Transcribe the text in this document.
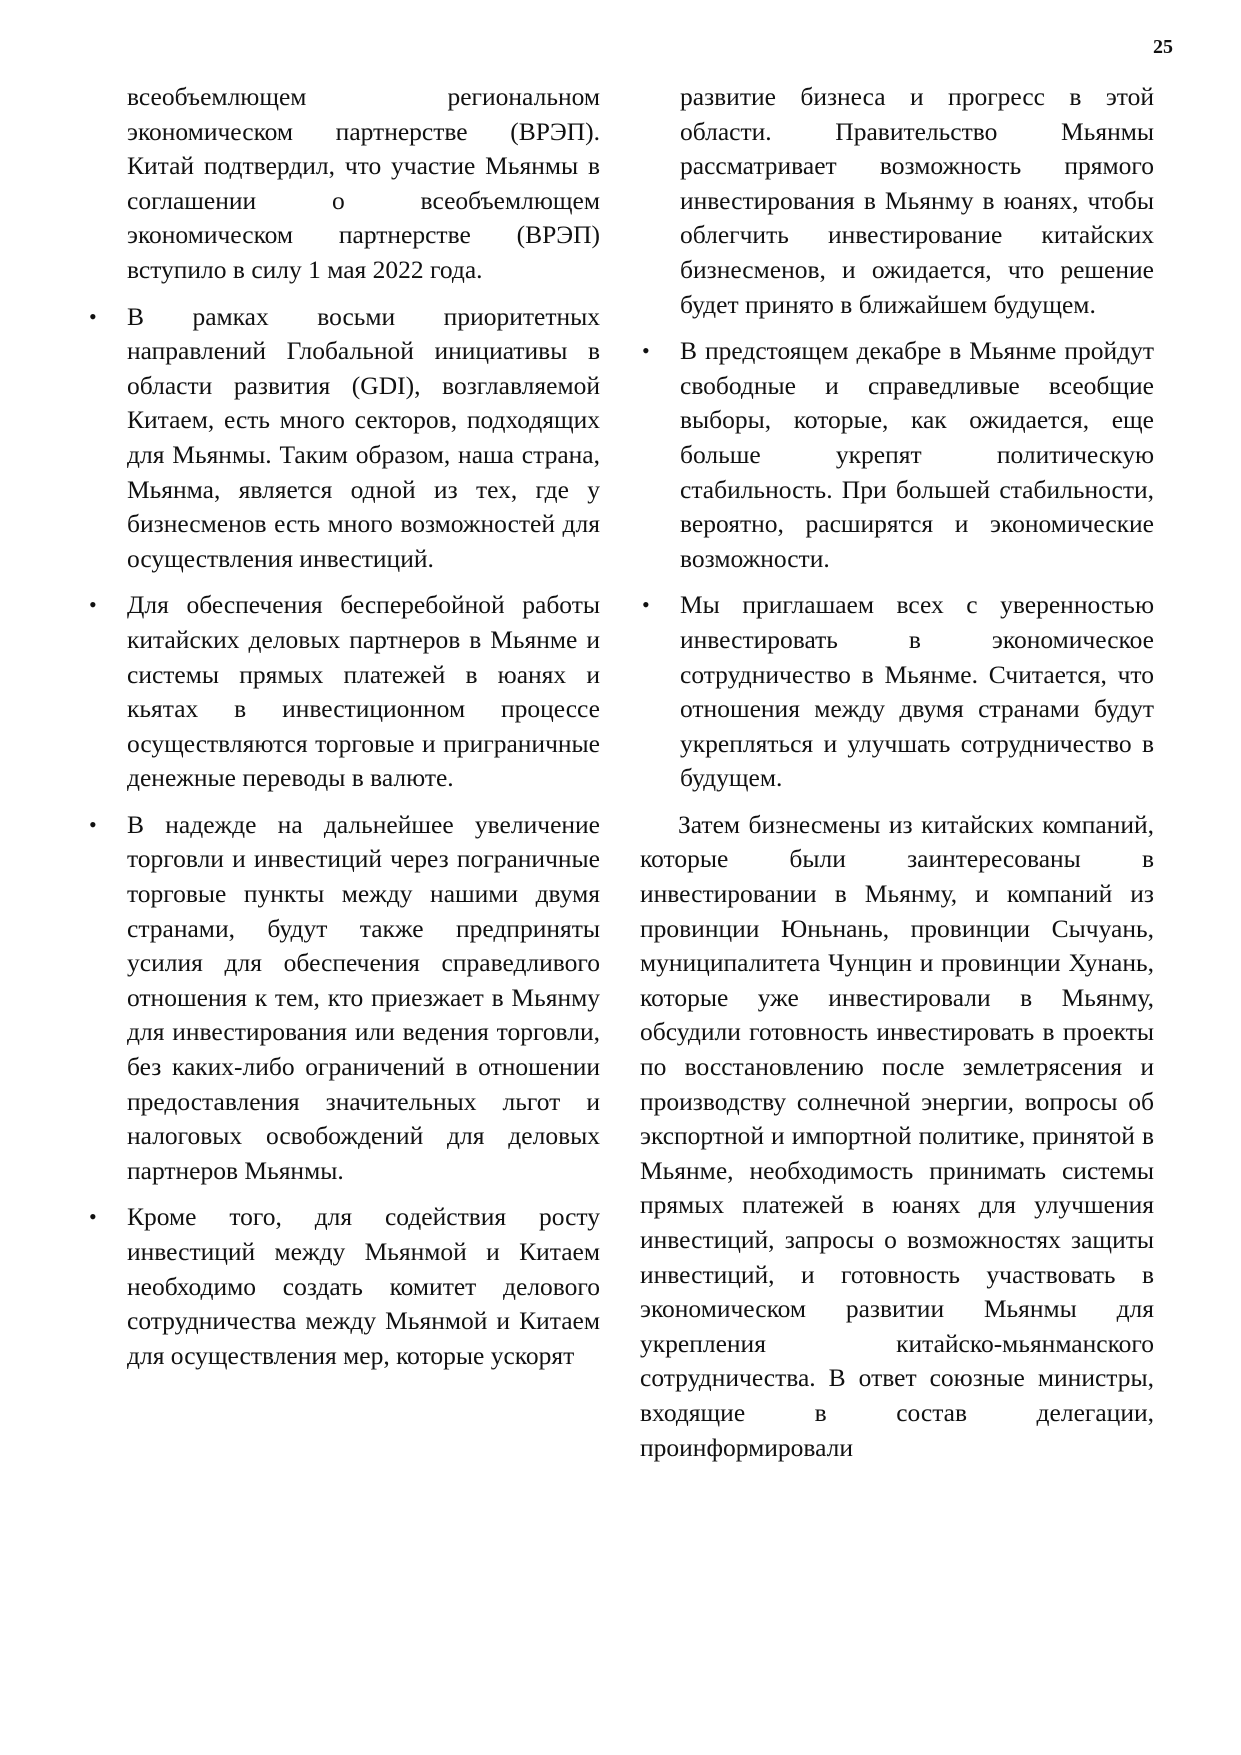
25

всеобъемлющем региональном экономическом партнерстве (ВРЭП). Китай подтвердил, что участие Мьянмы в соглашении о всеобъемлющем экономическом партнерстве (ВРЭП) вступило в силу 1 мая 2022 года.

• В рамках восьми приоритетных направлений Глобальной инициативы в области развития (GDI), возглавляемой Китаем, есть много секторов, подходящих для Мьянмы. Таким образом, наша страна, Мьянма, является одной из тех, где у бизнесменов есть много возможностей для осуществления инвестиций.
• Для обеспечения бесперебойной работы китайских деловых партнеров в Мьянме и системы прямых платежей в юанях и кьятах в инвестиционном процессе осуществляются торговые и приграничные денежные переводы в валюте.
• В надежде на дальнейшее увеличение торговли и инвестиций через пограничные торговые пункты между нашими двумя странами, будут также предприняты усилия для обеспечения справедливого отношения к тем, кто приезжает в Мьянму для инвестирования или ведения торговли, без каких-либо ограничений в отношении предоставления значительных льгот и налоговых освобождений для деловых партнеров Мьянмы.
• Кроме того, для содействия росту инвестиций между Мьянмой и Китаем необходимо создать комитет делового сотрудничества между Мьянмой и Китаем для осуществления мер, которые ускорят

развитие бизнеса и прогресс в этой области. Правительство Мьянмы рассматривает возможность прямого инвестирования в Мьянму в юанях, чтобы облегчить инвестирование китайских бизнесменов, и ожидается, что решение будет принято в ближайшем будущем.

• В предстоящем декабре в Мьянме пройдут свободные и справедливые всеобщие выборы, которые, как ожидается, еще больше укрепят политическую стабильность. При большей стабильности, вероятно, расширятся и экономические возможности.
• Мы приглашаем всех с уверенностью инвестировать в экономическое сотрудничество в Мьянме. Считается, что отношения между двумя странами будут укрепляться и улучшать сотрудничество в будущем.

Затем бизнесмены из китайских компаний, которые были заинтересованы в инвестировании в Мьянму, и компаний из провинции Юньнань, провинции Сычуань, муниципалитета Чунцин и провинции Хунань, которые уже инвестировали в Мьянму, обсудили готовность инвестировать в проекты по восстановлению после землетрясения и производству солнечной энергии, вопросы об экспортной и импортной политике, принятой в Мьянме, необходимость принимать системы прямых платежей в юанях для улучшения инвестиций, запросы о возможностях защиты инвестиций, и готовность участвовать в экономическом развитии Мьянмы для укрепления китайско-мьянманского сотрудничества. В ответ союзные министры, входящие в состав делегации, проинформировали
